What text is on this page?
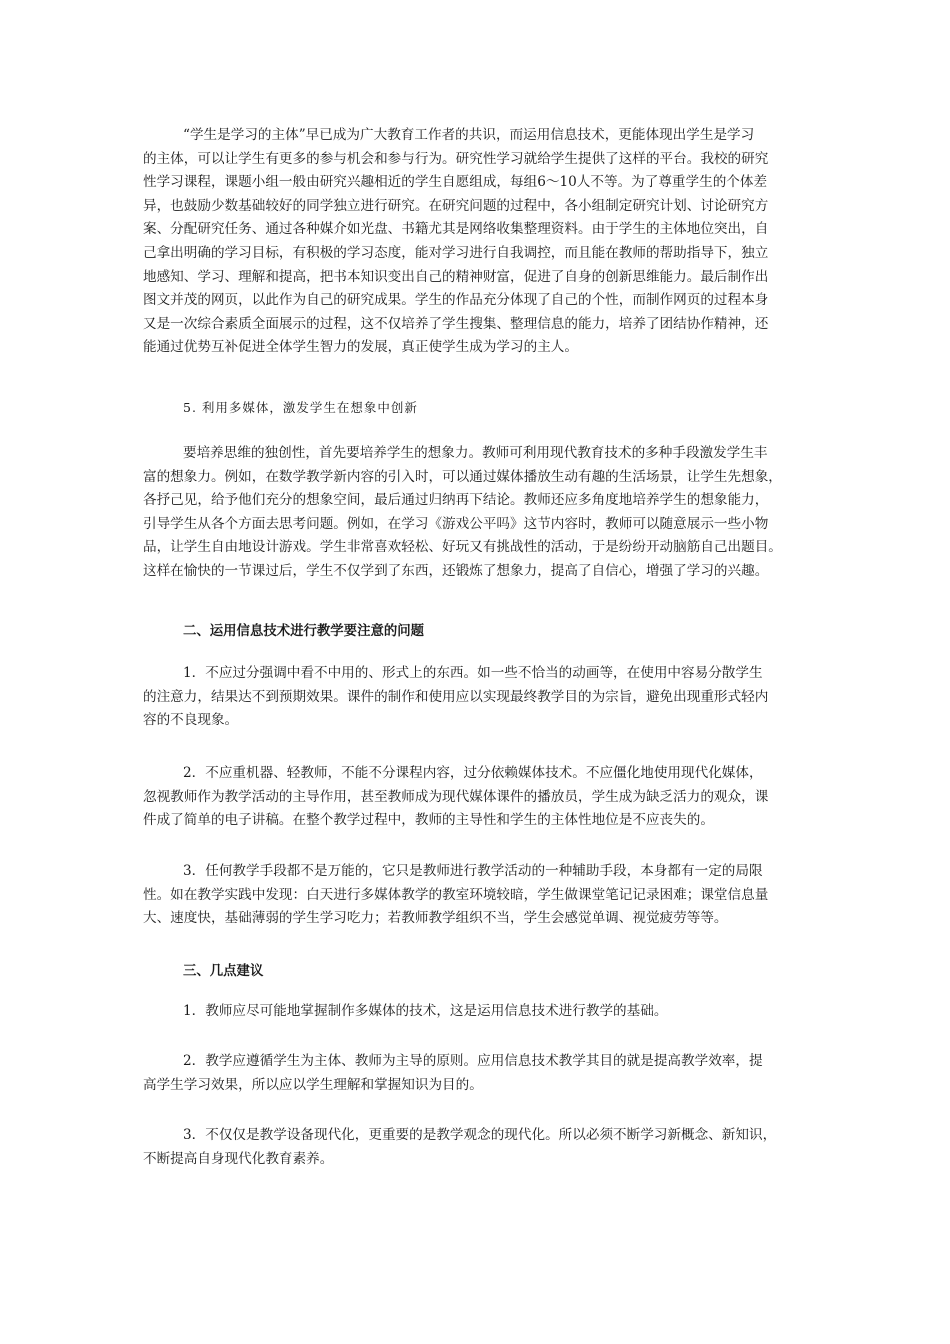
“学生是学习的主体”早已成为广大教育工作者的共识，而运用信息技术，更能体现出学生是学习
的主体，可以让学生有更多的参与机会和参与行为。研究性学习就给学生提供了这样的平台。我校的研究
性学习课程，课题小组一般由研究兴趣相近的学生自愿组成，每组6～10人不等。为了尊重学生的个体差
异，也鼓励少数基础较好的同学独立进行研究。在研究问题的过程中，各小组制定研究计划、讨论研究方
案、分配研究任务、通过各种媒介如光盘、书籍尤其是网络收集整理资料。由于学生的主体地位突出，自
己拿出明确的学习目标，有积极的学习态度，能对学习进行自我调控，而且能在教师的帮助指导下，独立
地感知、学习、理解和提高，把书本知识变出自己的精神财富，促进了自身的创新思维能力。最后制作出
图文并茂的网页，以此作为自己的研究成果。学生的作品充分体现了自己的个性，而制作网页的过程本身
又是一次综合素质全面展示的过程，这不仅培养了学生搜集、整理信息的能力，培养了团结协作精神，还
能通过优势互补促进全体学生智力的发展，真正使学生成为学习的主人。

5. 利用多媒体，激发学生在想象中创新

要培养思维的独创性，首先要培养学生的想象力。教师可利用现代教育技术的多种手段激发学生丰
富的想象力。例如，在数学教学新内容的引入时，可以通过媒体播放生动有趣的生活场景，让学生先想象，
各抒己见，给予他们充分的想象空间，最后通过归纳再下结论。教师还应多角度地培养学生的想象能力，
引导学生从各个方面去思考问题。例如，在学习《游戏公平吗》这节内容时，教师可以随意展示一些小物
品，让学生自由地设计游戏。学生非常喜欢轻松、好玩又有挑战性的活动，于是纷纷开动脑筋自己出题目。
这样在愉快的一节课过后，学生不仅学到了东西，还锻炼了想象力，提高了自信心，增强了学习的兴趣。

二、运用信息技术进行教学要注意的问题

1．不应过分强调中看不中用的、形式上的东西。如一些不恰当的动画等，在使用中容易分散学生
的注意力，结果达不到预期效果。课件的制作和使用应以实现最终教学目的为宗旨，避免出现重形式轻内
容的不良现象。
2．不应重机器、轻教师，不能不分课程内容，过分依赖媒体技术。不应僵化地使用现代化媒体，
忽视教师作为教学活动的主导作用，甚至教师成为现代媒体课件的播放员，学生成为缺乏活力的观众，课
件成了简单的电子讲稿。在整个教学过程中，教师的主导性和学生的主体性地位是不应丧失的。
3．任何教学手段都不是万能的，它只是教师进行教学活动的一种辅助手段，本身都有一定的局限
性。如在教学实践中发现：白天进行多媒体教学的教室环境较暗，学生做课堂笔记记录困难；课堂信息量
大、速度快，基础薄弱的学生学习吃力；若教师教学组织不当，学生会感觉单调、视觉疲劳等等。

三、几点建议

1．教师应尽可能地掌握制作多媒体的技术，这是运用信息技术进行教学的基础。
2．教学应遵循学生为主体、教师为主导的原则。应用信息技术教学其目的就是提高教学效率，提
高学生学习效果，所以应以学生理解和掌握知识为目的。
3．不仅仅是教学设备现代化，更重要的是教学观念的现代化。所以必须不断学习新概念、新知识，
不断提高自身现代化教育素养。
